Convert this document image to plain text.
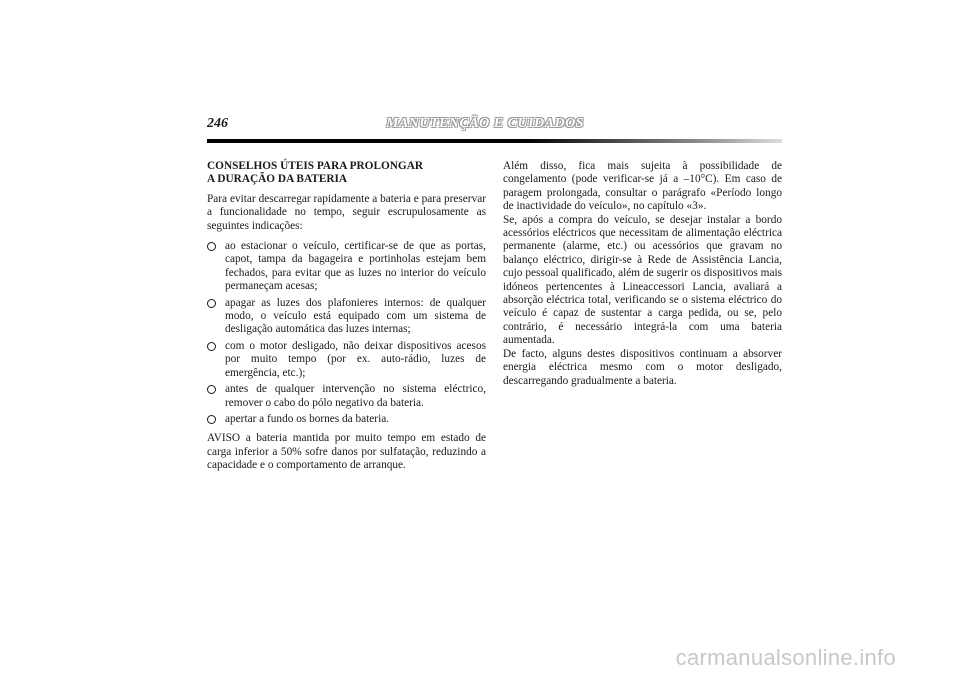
246	MANUTENÇÃO E CUIDADOS
CONSELHOS ÚTEIS PARA PROLONGAR
A DURAÇÃO DA BATERIA

Para evitar descarregar rapidamente a bateria e para preservar a funcionalidade no tempo, seguir escrupulosamente as seguintes indicações:

ao estacionar o veículo, certificar-se de que as portas, capot, tampa da bagageira e portinholas estejam bem fechados, para evitar que as luzes no interior do veículo permaneçam acesas;
apagar as luzes dos plafonieres internos: de qualquer modo, o veículo está equipado com um sistema de desligação automática das luzes internas;
com o motor desligado, não deixar dispositivos acesos por muito tempo (por ex. auto-rádio, luzes de emergência, etc.);
antes de qualquer intervenção no sistema eléctrico, remover o cabo do pólo negativo da bateria.
apertar a fundo os bornes da bateria.

AVISO a bateria mantida por muito tempo em estado de carga inferior a 50% sofre danos por sulfatação, reduzindo a capacidade e o comportamento de arranque.

Além disso, fica mais sujeita à possibilidade de congelamento (pode verificar-se já a –10°C). Em caso de paragem prolongada, consultar o parágrafo «Período longo de inactividade do veículo», no capítulo «3».

Se, após a compra do veículo, se desejar instalar a bordo acessórios eléctricos que necessitam de alimentação eléctrica permanente (alarme, etc.) ou acessórios que gravam no balanço eléctrico, dirigir-se à Rede de Assistência Lancia, cujo pessoal qualificado, além de sugerir os dispositivos mais idóneos pertencentes à Lineaccessori Lancia, avaliará a absorção eléctrica total, verificando se o sistema eléctrico do veículo é capaz de sustentar a carga pedida, ou se, pelo contrário, é necessário integrá-la com uma bateria aumentada.

De facto, alguns destes dispositivos continuam a absorver energia eléctrica mesmo com o motor desligado, descarregando gradualmente a bateria.

carmanualsonline.info
